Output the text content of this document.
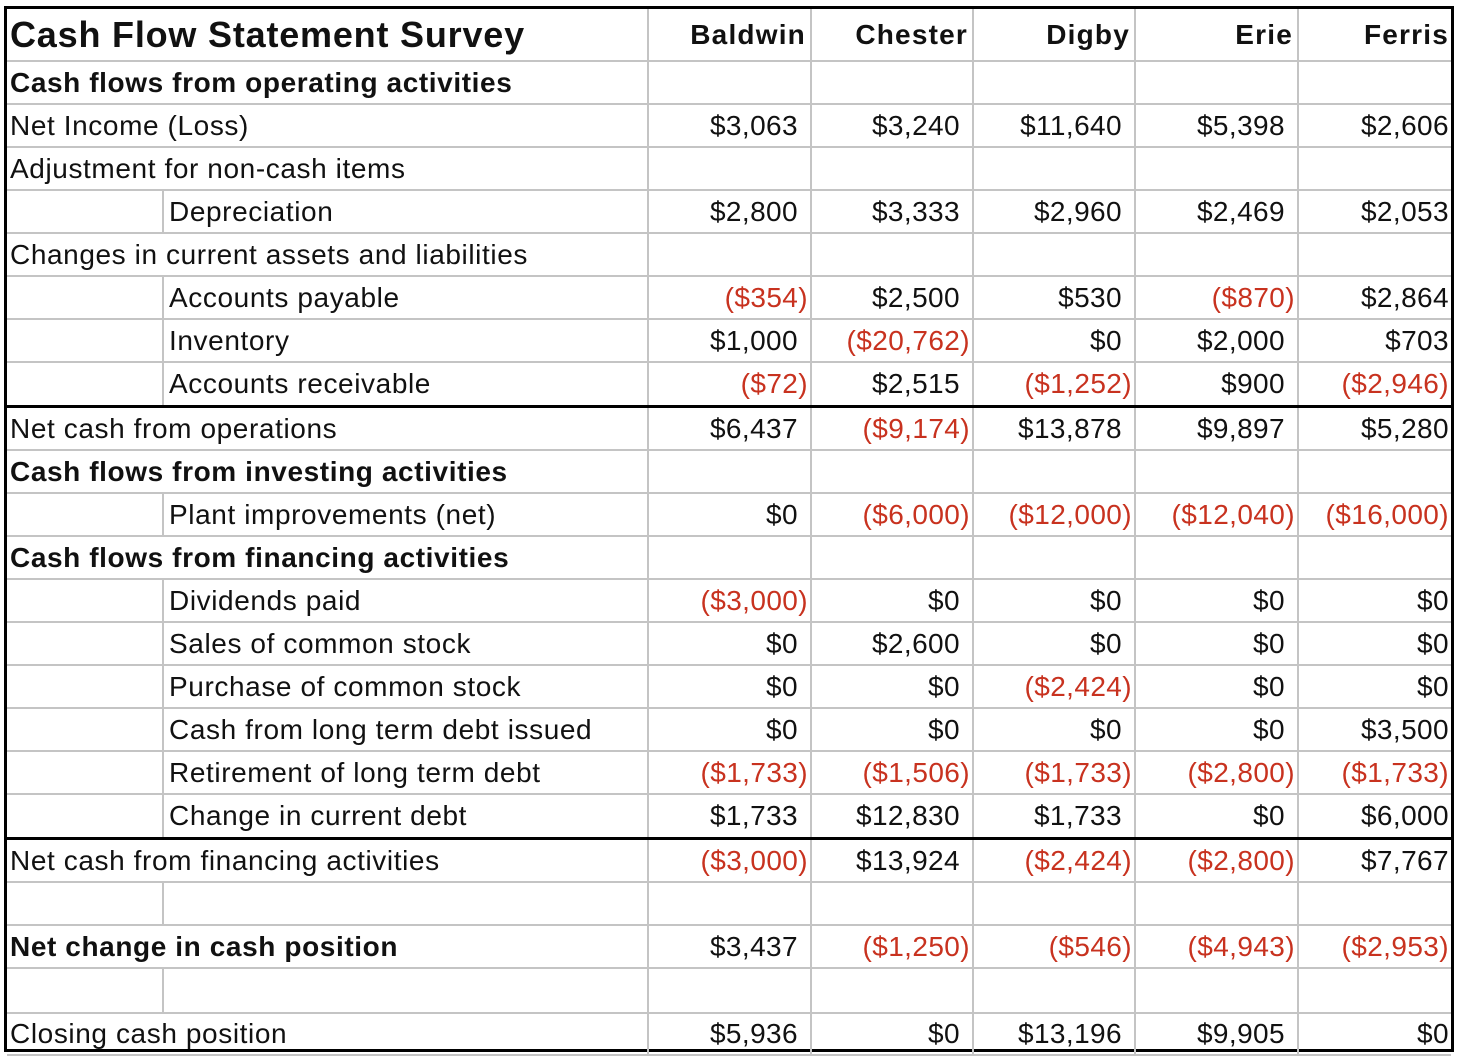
Cash Flow Statement Survey	Baldwin	Chester	Digby	Erie	Ferris
Cash flows from operating activities
Net Income (Loss)	$3,063	$3,240	$11,640	$5,398	$2,606
Adjustment for non-cash items
Depreciation	$2,800	$3,333	$2,960	$2,469	$2,053
Changes in current assets and liabilities
Accounts payable	($354)	$2,500	$530	($870)	$2,864
Inventory	$1,000	($20,762)	$0	$2,000	$703
Accounts receivable	($72)	$2,515	($1,252)	$900	($2,946)
Net cash from operations	$6,437	($9,174)	$13,878	$9,897	$5,280
Cash flows from investing activities
Plant improvements (net)	$0	($6,000)	($12,000)	($12,040)	($16,000)
Cash flows from financing activities
Dividends paid	($3,000)	$0	$0	$0	$0
Sales of common stock	$0	$2,600	$0	$0	$0
Purchase of common stock	$0	$0	($2,424)	$0	$0
Cash from long term debt issued	$0	$0	$0	$0	$3,500
Retirement of long term debt	($1,733)	($1,506)	($1,733)	($2,800)	($1,733)
Change in current debt	$1,733	$12,830	$1,733	$0	$6,000
Net cash from financing activities	($3,000)	$13,924	($2,424)	($2,800)	$7,767
Net change in cash position	$3,437	($1,250)	($546)	($4,943)	($2,953)
Closing cash position	$5,936	$0	$13,196	$9,905	$0
